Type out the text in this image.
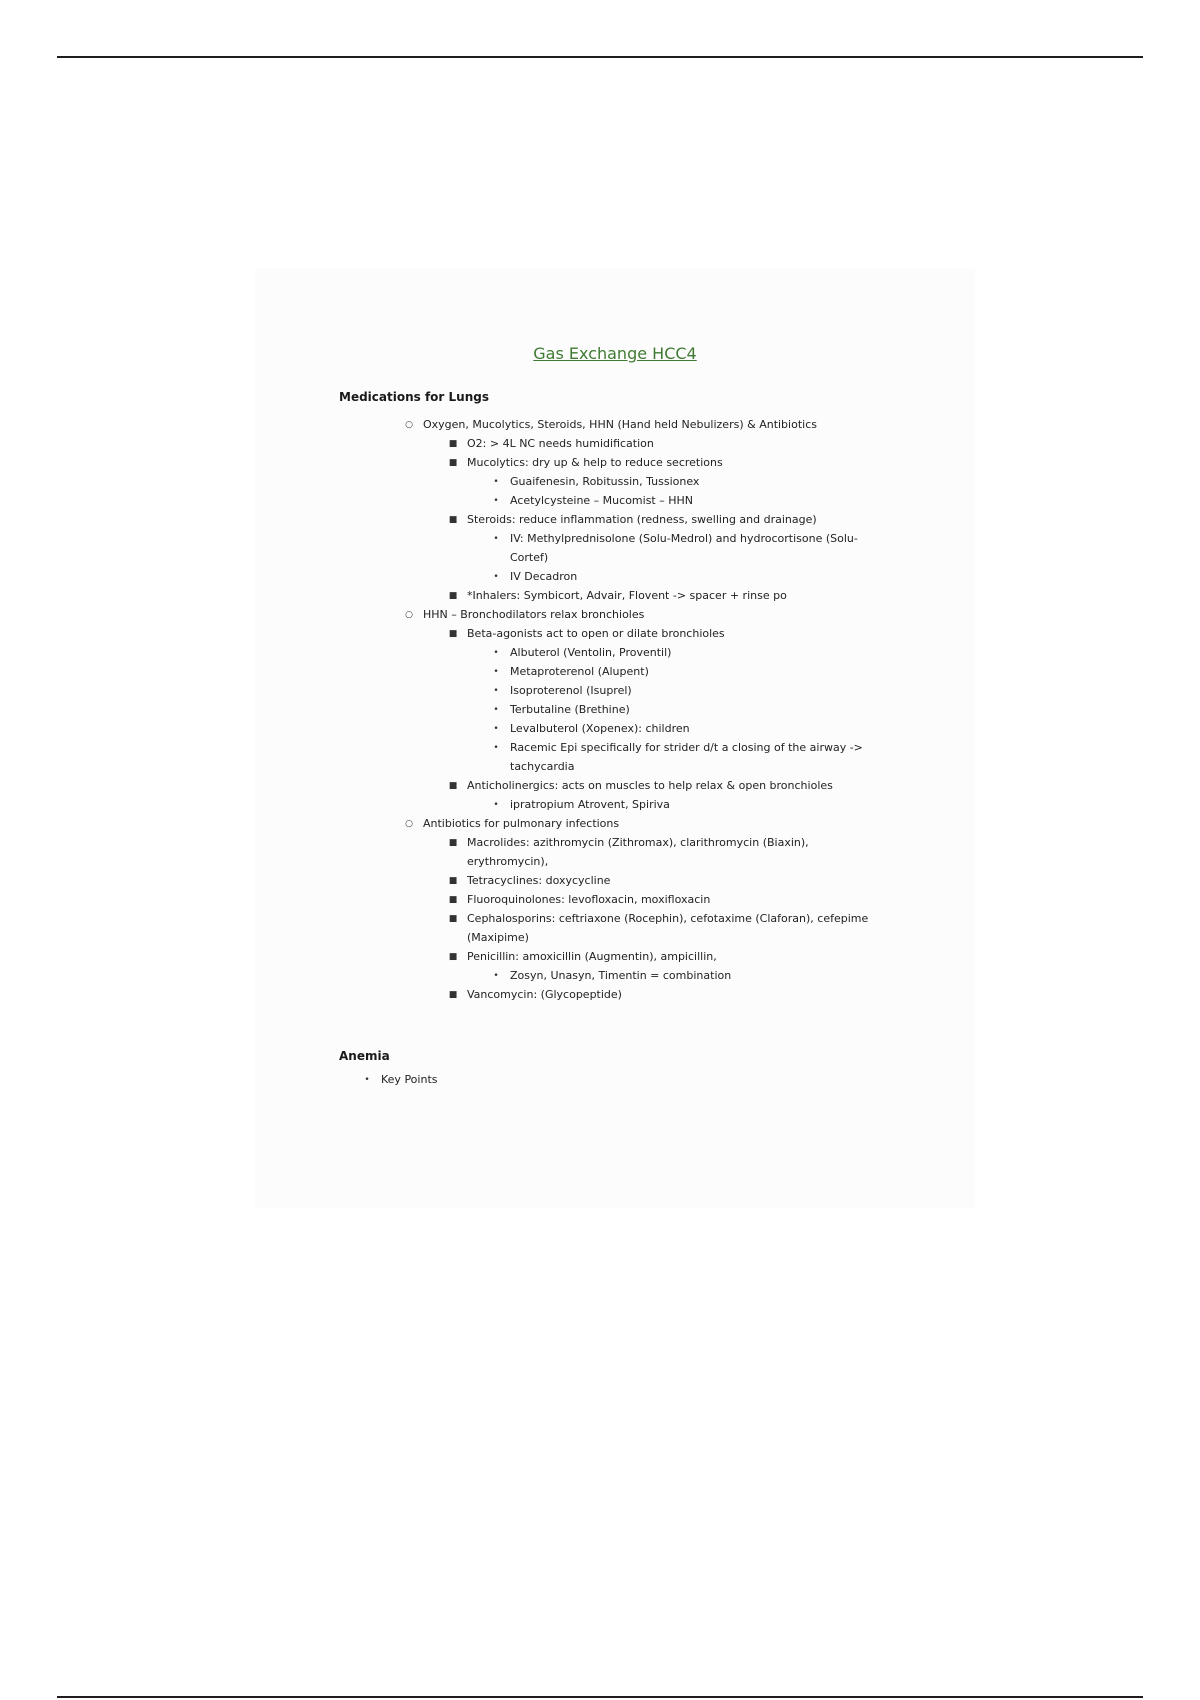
Gas Exchange HCC4
Medications for Lungs
Anemia
○ Oxygen, Mucolytics, Steroids, HHN (Hand held Nebulizers) & Antibiotics
■ O2: > 4L NC needs humidification
■ Mucolytics: dry up & help to reduce secretions
•	Guaifenesin, Robitussin, Tussionex
•	Acetylcysteine – Mucomist – HHN
■ Steroids: reduce inflammation (redness, swelling and drainage)
•	IV: Methylprednisolone (Solu-Medrol) and hydrocortisone (Solu-
Cortef)
•	IV Decadron
■ *Inhalers: Symbicort, Advair, Flovent -> spacer + rinse po
○ HHN – Bronchodilators relax bronchioles
■ Beta-agonists act to open or dilate bronchioles
•	Albuterol (Ventolin, Proventil)
•	Metaproterenol (Alupent)
•	Isoproterenol (Isuprel)
•	Terbutaline (Brethine)
•	Levalbuterol (Xopenex): children
•	Racemic Epi specifically for strider d/t a closing of the airway ->
tachycardia
■ Anticholinergics: acts on muscles to help relax & open bronchioles
•	ipratropium Atrovent, Spiriva
○ Antibiotics for pulmonary infections
■ Macrolides: azithromycin (Zithromax), clarithromycin (Biaxin),
erythromycin),
■ Tetracyclines: doxycycline
■ Fluoroquinolones: levofloxacin, moxifloxacin
■ Cephalosporins: ceftriaxone (Rocephin), cefotaxime (Claforan), cefepime
(Maxipime)
■ Penicillin: amoxicillin (Augmentin), ampicillin,
•	Zosyn, Unasyn, Timentin = combination
■ Vancomycin: (Glycopeptide)
•	Key Points
